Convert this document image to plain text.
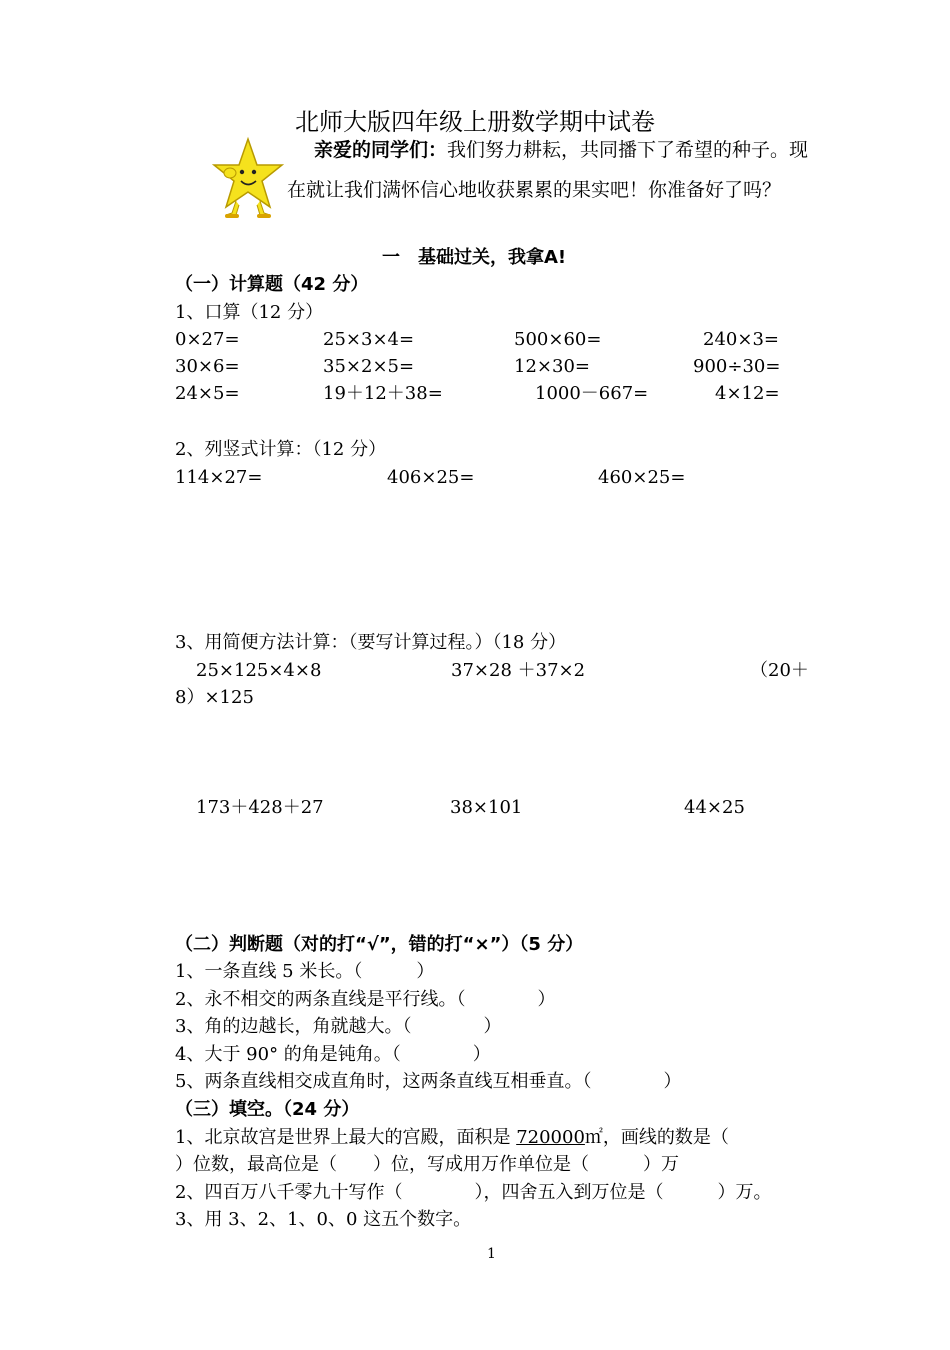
北师大版四年级上册数学期中试卷
亲爱的同学们：我们努力耕耘，共同播下了希望的种子。现
在就让我们满怀信心地收获累累的果实吧！你准备好了吗？
一　基础过关，我拿A!
（一）计算题（42 分）
1、口算（12 分）
0×27=	25×3×4=	500×60=	240×3=
30×6=	35×2×5=	12×30=	900÷30=
24×5=	19＋12＋38=	1000－667=	4×12=
2、列竖式计算：（12 分）
114×27=	406×25=	460×25=
3、用简便方法计算：（要写计算过程。）（18 分）
25×125×4×8	37×28 ＋37×2	（20＋
8）×125
173＋428＋27	38×101	44×25
（二）判断题（对的打“√”，错的打“×”）（5 分）
1、一条直线 5 米长。（　　　）
2、永不相交的两条直线是平行线。（　　　　）
3、角的边越长，角就越大。（　　　　）
4、大于 90° 的角是钝角。（　　　　）
5、两条直线相交成直角时，这两条直线互相垂直。（　　　　）
（三）填空。（24 分）
1、北京故宫是世界上最大的宫殿，面积是 720000㎡，画线的数是（
）位数，最高位是（　　）位，写成用万作单位是（　　　）万
2、四百万八千零九十写作（　　　　），四舍五入到万位是（　　　）万。
3、用 3、2、1、0、0 这五个数字。
1
